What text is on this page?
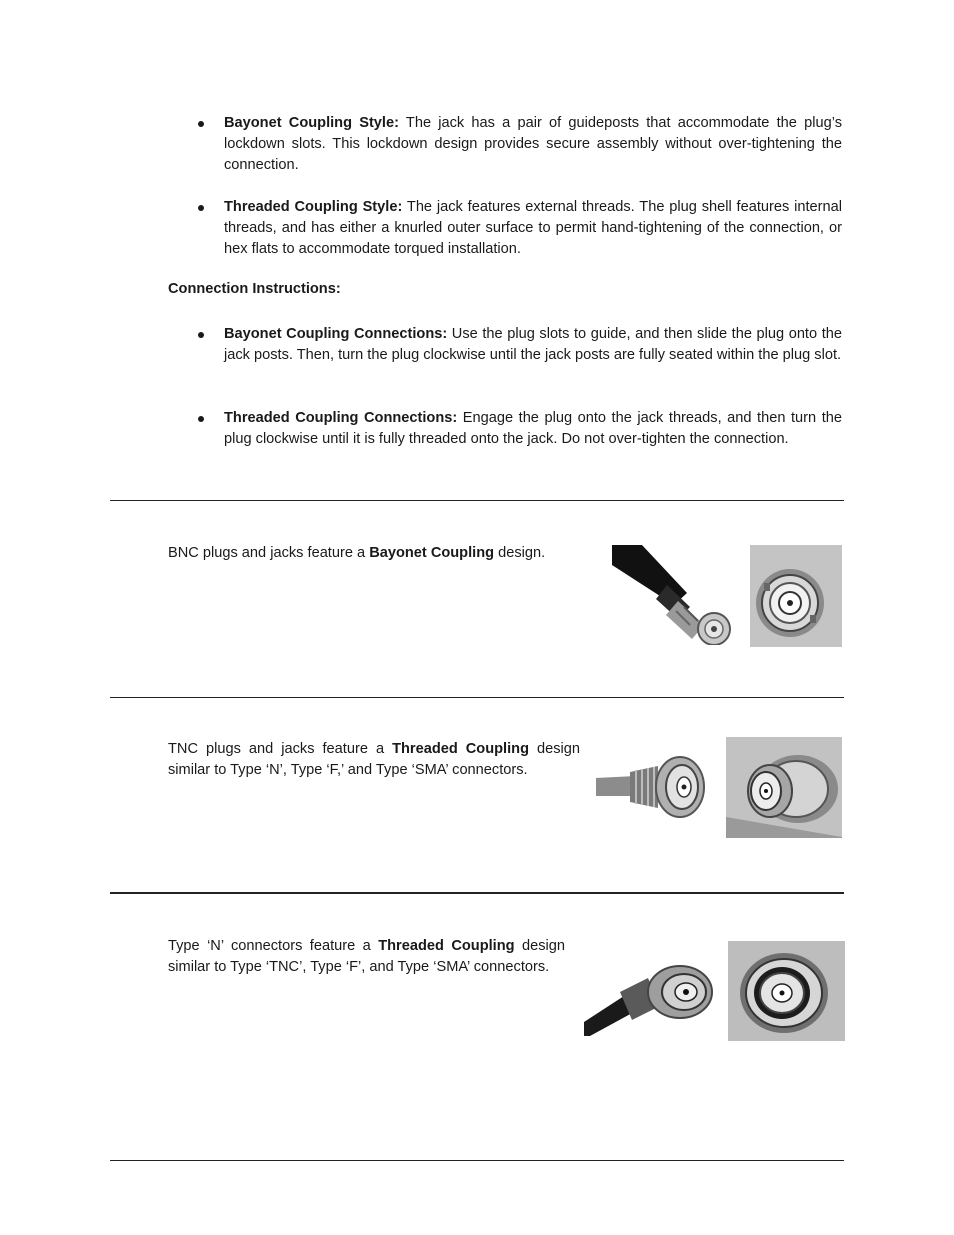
Bayonet Coupling Style: The jack has a pair of guideposts that accommodate the plug’s lockdown slots. This lockdown design provides secure assembly without over-tightening the connection.
Threaded Coupling Style: The jack features external threads. The plug shell features internal threads, and has either a knurled outer surface to permit hand-tightening of the connection, or hex flats to accommodate torqued installation.
Connection Instructions:
Bayonet Coupling Connections: Use the plug slots to guide, and then slide the plug onto the jack posts. Then, turn the plug clockwise until the jack posts are fully seated within the plug slot.
Threaded Coupling Connections: Engage the plug onto the jack threads, and then turn the plug clockwise until it is fully threaded onto the jack. Do not over-tighten the connection.
BNC plugs and jacks feature a Bayonet Coupling design.
TNC plugs and jacks feature a Threaded Coupling design similar to Type ‘N’, Type ‘F,’ and Type ‘SMA’ connectors.
Type ‘N’ connectors feature a Threaded Coupling design similar to Type ‘TNC’, Type ‘F’, and Type ‘SMA’ connectors.
